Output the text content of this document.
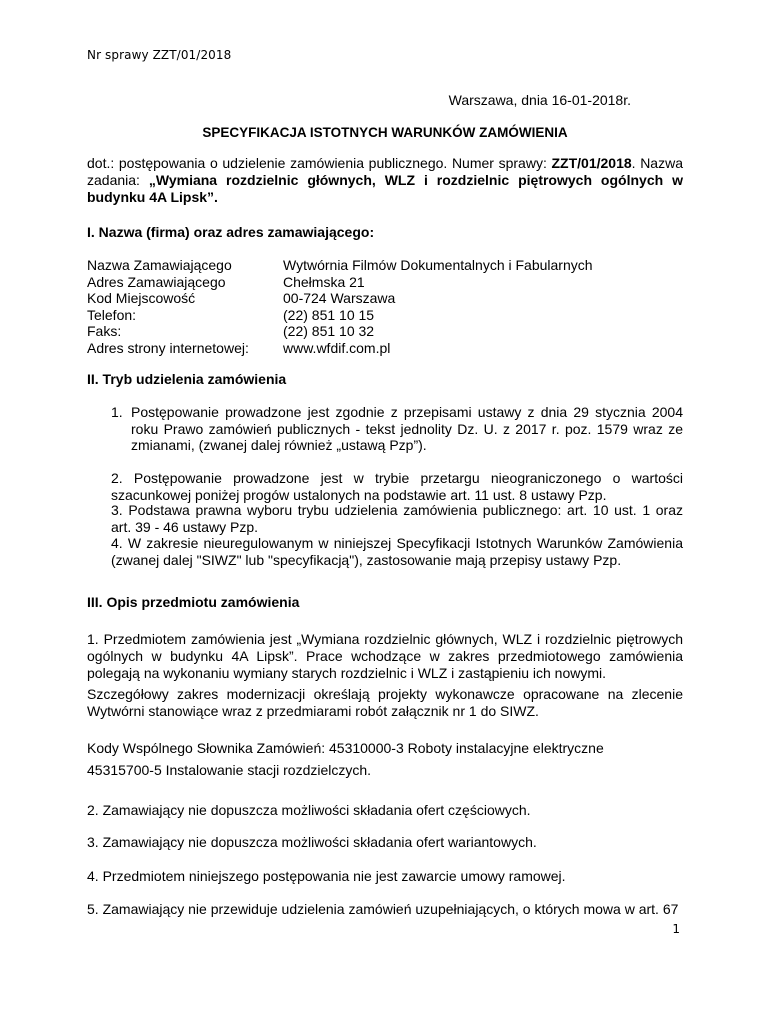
Nr sprawy ZZT/01/2018
Warszawa, dnia 16-01-2018r.
SPECYFIKACJA ISTOTNYCH WARUNKÓW ZAMÓWIENIA
dot.: postępowania o udzielenie zamówienia publicznego. Numer sprawy: ZZT/01/2018. Nazwa zadania: „Wymiana rozdzielnic głównych, WLZ i rozdzielnic piętrowych ogólnych w budynku 4A Lipsk”.
I. Nazwa (firma) oraz adres zamawiającego:
Nazwa Zamawiającego	Wytwórnia Filmów Dokumentalnych i Fabularnych
Adres Zamawiającego	Chełmska 21
Kod Miejscowość	00-724 Warszawa
Telefon:	(22) 851 10 15
Faks:	(22) 851 10 32
Adres strony internetowej:	www.wfdif.com.pl
II. Tryb udzielenia zamówienia
1. Postępowanie prowadzone jest zgodnie z przepisami ustawy z dnia 29 stycznia 2004 roku Prawo zamówień publicznych - tekst jednolity Dz. U. z 2017 r. poz. 1579 wraz ze zmianami, (zwanej dalej również „ustawą Pzp”).
2. Postępowanie prowadzone jest w trybie przetargu nieograniczonego o wartości szacunkowej poniżej progów ustalonych na podstawie art. 11 ust. 8 ustawy Pzp.
3. Podstawa prawna wyboru trybu udzielenia zamówienia publicznego: art. 10 ust. 1 oraz art. 39 - 46 ustawy Pzp.
4. W zakresie nieuregulowanym w niniejszej Specyfikacji Istotnych Warunków Zamówienia (zwanej dalej "SIWZ" lub "specyfikacją"), zastosowanie mają przepisy ustawy Pzp.
III. Opis przedmiotu zamówienia
1. Przedmiotem zamówienia jest „Wymiana rozdzielnic głównych, WLZ i rozdzielnic piętrowych ogólnych w budynku 4A Lipsk”. Prace wchodzące w zakres przedmiotowego zamówienia polegają na wykonaniu wymiany starych rozdzielnic i WLZ i zastąpieniu ich nowymi.
Szczegółowy zakres modernizacji określają projekty wykonawcze opracowane na zlecenie Wytwórni stanowiące wraz z przedmiarami robót załącznik nr 1 do SIWZ.
Kody Wspólnego Słownika Zamówień: 45310000-3 Roboty instalacyjne elektryczne
45315700-5 Instalowanie stacji rozdzielczych.
2. Zamawiający nie dopuszcza możliwości składania ofert częściowych.
3. Zamawiający nie dopuszcza możliwości składania ofert wariantowych.
4. Przedmiotem niniejszego postępowania nie jest zawarcie umowy ramowej.
5. Zamawiający nie przewiduje udzielenia zamówień uzupełniających, o których mowa w art. 67
1
